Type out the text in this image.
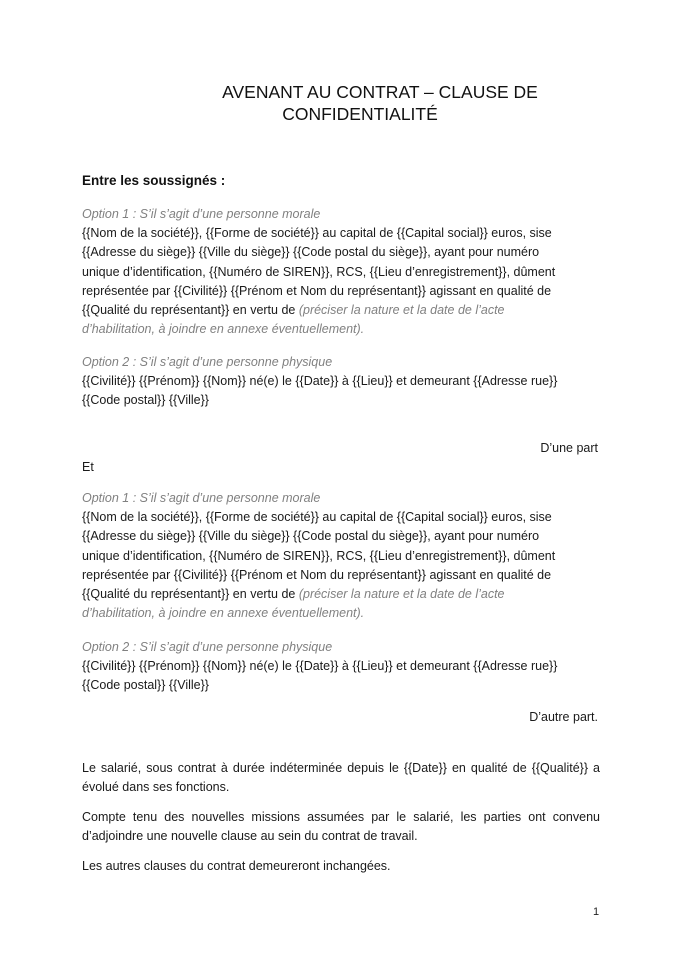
AVENANT AU CONTRAT – CLAUSE DE
CONFIDENTIALITÉ
Entre les soussignés :
Option 1 : S’il s’agit d’une personne morale
{{Nom de la société}}, {{Forme de société}} au capital de {{Capital social}} euros, sise
{{Adresse du siège}} {{Ville du siège}} {{Code postal du siège}}, ayant pour numéro
unique d’identification, {{Numéro de SIREN}}, RCS, {{Lieu d’enregistrement}}, dûment
représentée par {{Civilité}} {{Prénom et Nom du représentant}} agissant en qualité de
{{Qualité du représentant}} en vertu de (préciser la nature et la date de l’acte
d’habilitation, à joindre en annexe éventuellement).
Option 2 : S’il s’agit d’une personne physique
{{Civilité}} {{Prénom}} {{Nom}} né(e) le {{Date}} à {{Lieu}} et demeurant {{Adresse rue}}
{{Code postal}} {{Ville}}
D’une part
Et
Option 1 : S’il s’agit d’une personne morale
{{Nom de la société}}, {{Forme de société}} au capital de {{Capital social}} euros, sise
{{Adresse du siège}} {{Ville du siège}} {{Code postal du siège}}, ayant pour numéro
unique d’identification, {{Numéro de SIREN}}, RCS, {{Lieu d’enregistrement}}, dûment
représentée par {{Civilité}} {{Prénom et Nom du représentant}} agissant en qualité de
{{Qualité du représentant}} en vertu de (préciser la nature et la date de l’acte
d’habilitation, à joindre en annexe éventuellement).
Option 2 : S’il s’agit d’une personne physique
{{Civilité}} {{Prénom}} {{Nom}} né(e) le {{Date}} à {{Lieu}} et demeurant {{Adresse rue}}
{{Code postal}} {{Ville}}
D’autre part.
Le salarié, sous contrat à durée indéterminée depuis le {{Date}} en qualité de {{Qualité}} a évolué dans ses fonctions.
Compte tenu des nouvelles missions assumées par le salarié, les parties ont convenu d’adjoindre une nouvelle clause au sein du contrat de travail.
Les autres clauses du contrat demeureront inchangées.
1
